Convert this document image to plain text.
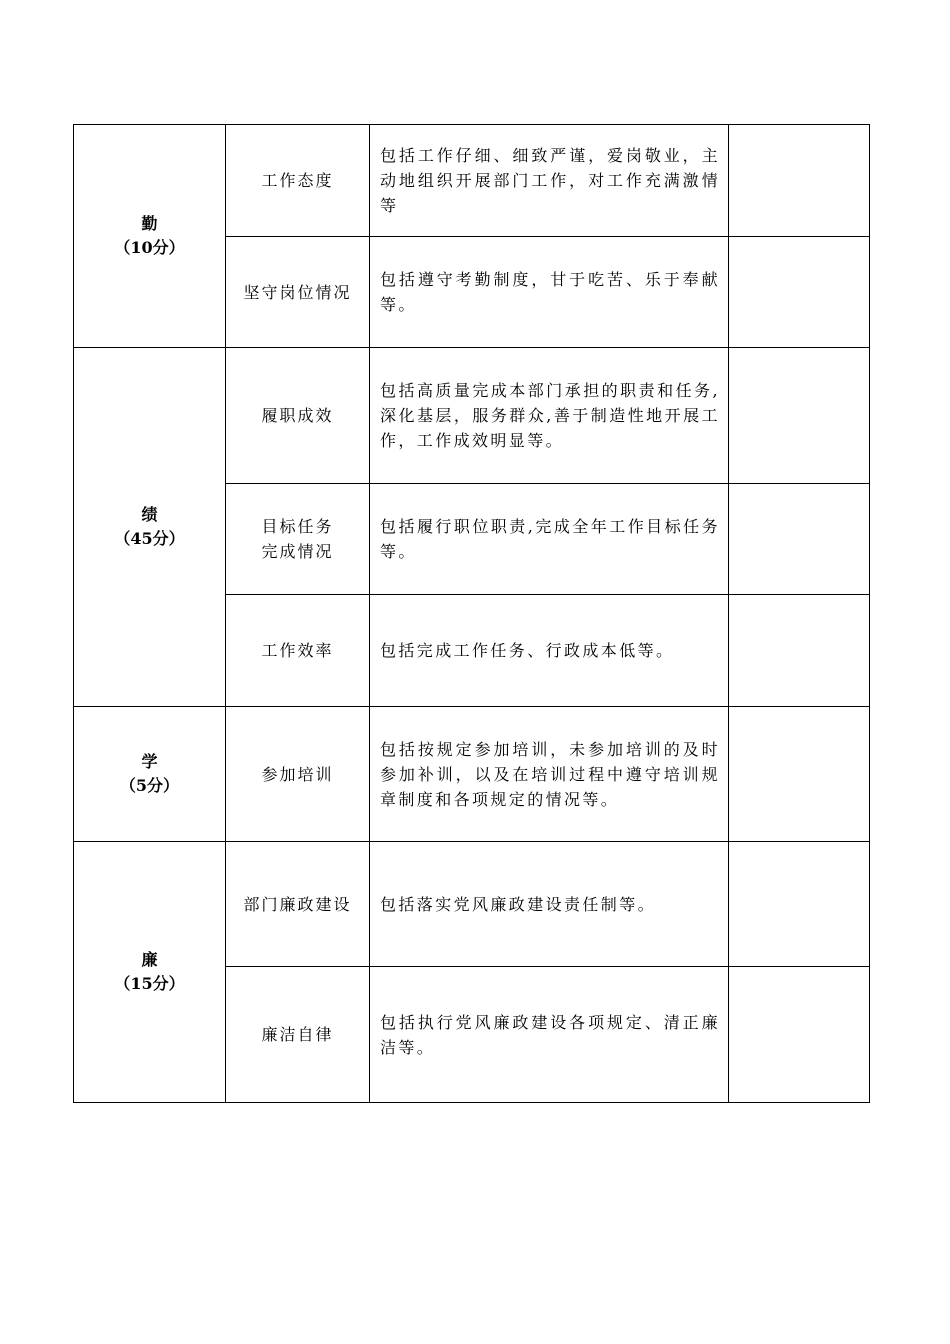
勤
（10分）	工作态度	包括工作仔细、细致严谨，爱岗敬业，主动地组织开展部门工作，对工作充满激情等	

	坚守岗位情况	包括遵守考勤制度，甘于吃苦、乐于奉献等。	

绩
（45分）	履职成效	包括高质量完成本部门承担的职责和任务,深化基层，服务群众,善于制造性地开展工作，工作成效明显等。	

	目标任务
完成情况	包括履行职位职责,完成全年工作目标任务等。	

	工作效率	包括完成工作任务、行政成本低等。	

学
（5分）	参加培训	包括按规定参加培训，未参加培训的及时参加补训，以及在培训过程中遵守培训规章制度和各项规定的情况等。	

廉
（15分）	部门廉政建设	包括落实党风廉政建设责任制等。	

	廉洁自律	包括执行党风廉政建设各项规定、清正廉洁等。	
